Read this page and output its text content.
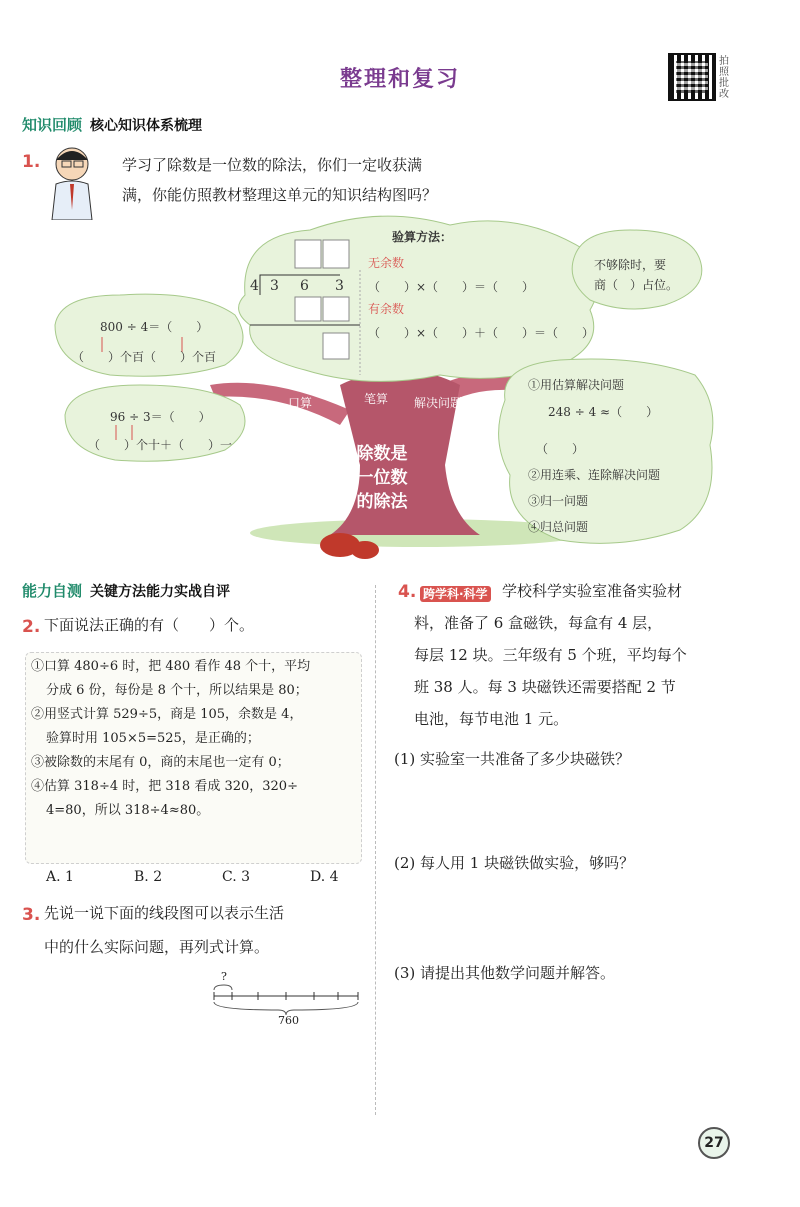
整理和复习
拍照批改
知识回顾 核心知识体系梳理
1.	学习了除数是一位数的除法，你们一定收获满
满，你能仿照教材整理这单元的知识结构图吗？
验算方法：
4 3 6 3
无余数
（　　）×（　　）＝（　　）
有余数
（　　）×（　　）＋（　　）＝（　　）
不够除时，要
商（　）占位。
800 ÷ 4＝（　　）
（　　）个百（　　）个百
96 ÷ 3＝（　　）
（　　）个十＋（　　）一
口算	笔算 解决问题
除数是
一位数
的除法
①用估算解决问题
248 ÷ 4 ≈（　　）
（　　）
②用连乘、连除解决问题
③归一问题
④归总问题
能力自测 关键方法能力实战自评
2. 下面说法正确的有（　　）个。
①口算 480÷6 时，把 480 看作 48 个十，平均
分成 6 份，每份是 8 个十，所以结果是 80；
②用竖式计算 529÷5，商是 105，余数是 4，
验算时用 105×5=525，是正确的；
③被除数的末尾有 0，商的末尾也一定有 0；
④估算 318÷4 时，把 318 看成 320，320÷
4=80，所以 318÷4≈80。
A. 1	B. 2	C. 3	D. 4
3. 先说一说下面的线段图可以表示生活
中的什么实际问题，再列式计算。
?
760
4. 跨学科·科学 学校科学实验室准备实验材
料，准备了 6 盒磁铁，每盒有 4 层，
每层 12 块。三年级有 5 个班，平均每个
班 38 人。每 3 块磁铁还需要搭配 2 节
电池，每节电池 1 元。
(1) 实验室一共准备了多少块磁铁？
(2) 每人用 1 块磁铁做实验，够吗？
(3) 请提出其他数学问题并解答。
27
